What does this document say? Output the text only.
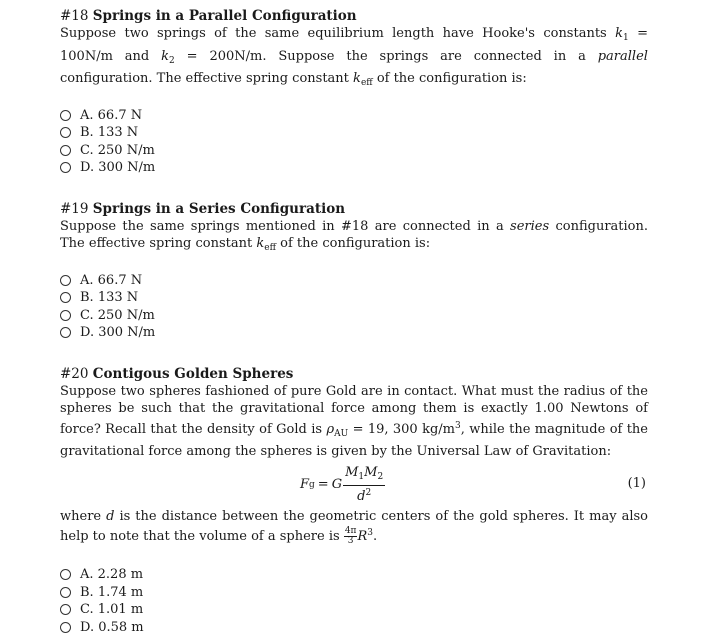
#18 Springs in a Parallel Configuration

Suppose two springs of the same equilibrium length have Hooke's constants $k_1 = 100N/m$ and $k_2 = 200N/m$. Suppose the springs are connected in a parallel configuration. The effective spring constant $k_{eff}$ of the configuration is:

A. 66.7 N
B. 133 N
C. 250 N/m
D. 300 N/m

#19 Springs in a Series Configuration

Suppose the same springs mentioned in #18 are connected in a series configuration. The effective spring constant $k_{eff}$ of the configuration is:

A. 66.7 N
B. 133 N
C. 250 N/m
D. 300 N/m

#20 Contigous Golden Spheres

Suppose two spheres fashioned of pure Gold are in contact. What must the radius of the spheres be such that the gravitational force among them is exactly 1.00 Newtons of force? Recall that the density of Gold is $\rho_{AU} = 19$, 300 $kg/m^3$, while the magnitude of the gravitational force among the spheres is given by the Universal Law of Gravitation:

F g = G $\frac{M_1M_2}{d^2}$	(1)

where d is the distance between the geometric centers of the gold spheres. It may also help to note that the volume of a sphere is $\frac{4\pi}{3} R^3$.

A. 2.28 m
B. 1.74 m
C. 1.01 m
D. 0.58 m
